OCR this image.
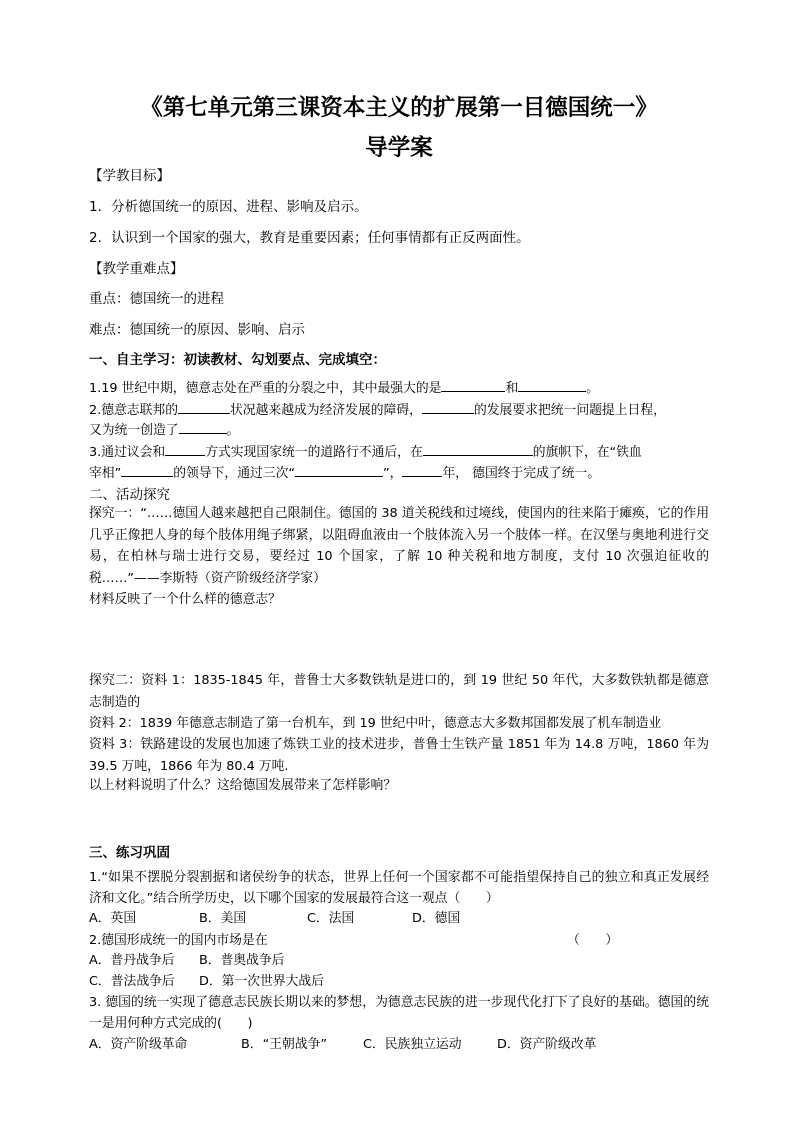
《第七单元第三课资本主义的扩展第一目德国统一》
导学案
【学教目标】
1．分析德国统一的原因、进程、影响及启示。
2．认识到一个国家的强大，教育是重要因素；任何事情都有正反两面性。
【教学重难点】
重点：德国统一的进程
难点：德国统一的原因、影响、启示
一、自主学习：初读教材、勾划要点、完成填空：
1.19 世纪中期，德意志处在严重的分裂之中，其中最强大的是	和	。
2.德意志联邦的	状况越来越成为经济发展的障碍，	的发展要求把统一问题提上日程，
又为统一创造了	。
3.通过议会和	方式实现国家统一的道路行不通后，在	的旗帜下，在“铁血
宰相”	的领导下，通过三次“	”，	年， 德国终于完成了统一。
二、活动探究
探究一：“……德国人越来越把自己限制住。德国的 38 道关税线和过境线，使国内的往来陷于瘫痪，它的作用几乎正像把人身的每个肢体用绳子绑紧，以阻碍血液由一个肢体流入另一个肢体一样。在汉堡与奥地利进行交易，在柏林与瑞士进行交易，要经过 10 个国家，了解 10 种关税和地方制度，支付 10 次强迫征收的税……”——李斯特（资产阶级经济学家）
材料反映了一个什么样的德意志？
探究二：资料 1：1835-1845 年，普鲁士大多数铁轨是进口的，到 19 世纪 50 年代，大多数铁轨都是德意志制造的
资料 2：1839 年德意志制造了第一台机车，到 19 世纪中叶，德意志大多数邦国都发展了机车制造业
资料 3：铁路建设的发展也加速了炼铁工业的技术进步，普鲁士生铁产量 1851 年为 14.8 万吨，1860 年为 39.5 万吨，1866 年为 80.4 万吨.
以上材料说明了什么？这给德国发展带来了怎样影响？
三、练习巩固
1.“如果不摆脱分裂割据和诸侯纷争的状态，世界上任何一个国家都不可能指望保持自己的独立和真正发展经济和文化。”结合所学历史，以下哪个国家的发展最符合这一观点（　　）
A．英国	B．美国	C．法国	D．德国
2.德国形成统一的国内市场是在	（　　）
A．普丹战争后 B．普奥战争后
C．普法战争后 D．第一次世界大战后
3. 德国的统一实现了德意志民族长期以来的梦想，为德意志民族的进一步现代化打下了良好的基础。德国的统一是用何种方式完成的(　　)
A．资产阶级革命	B．“王朝战争”	C．民族独立运动	D．资产阶级改革
